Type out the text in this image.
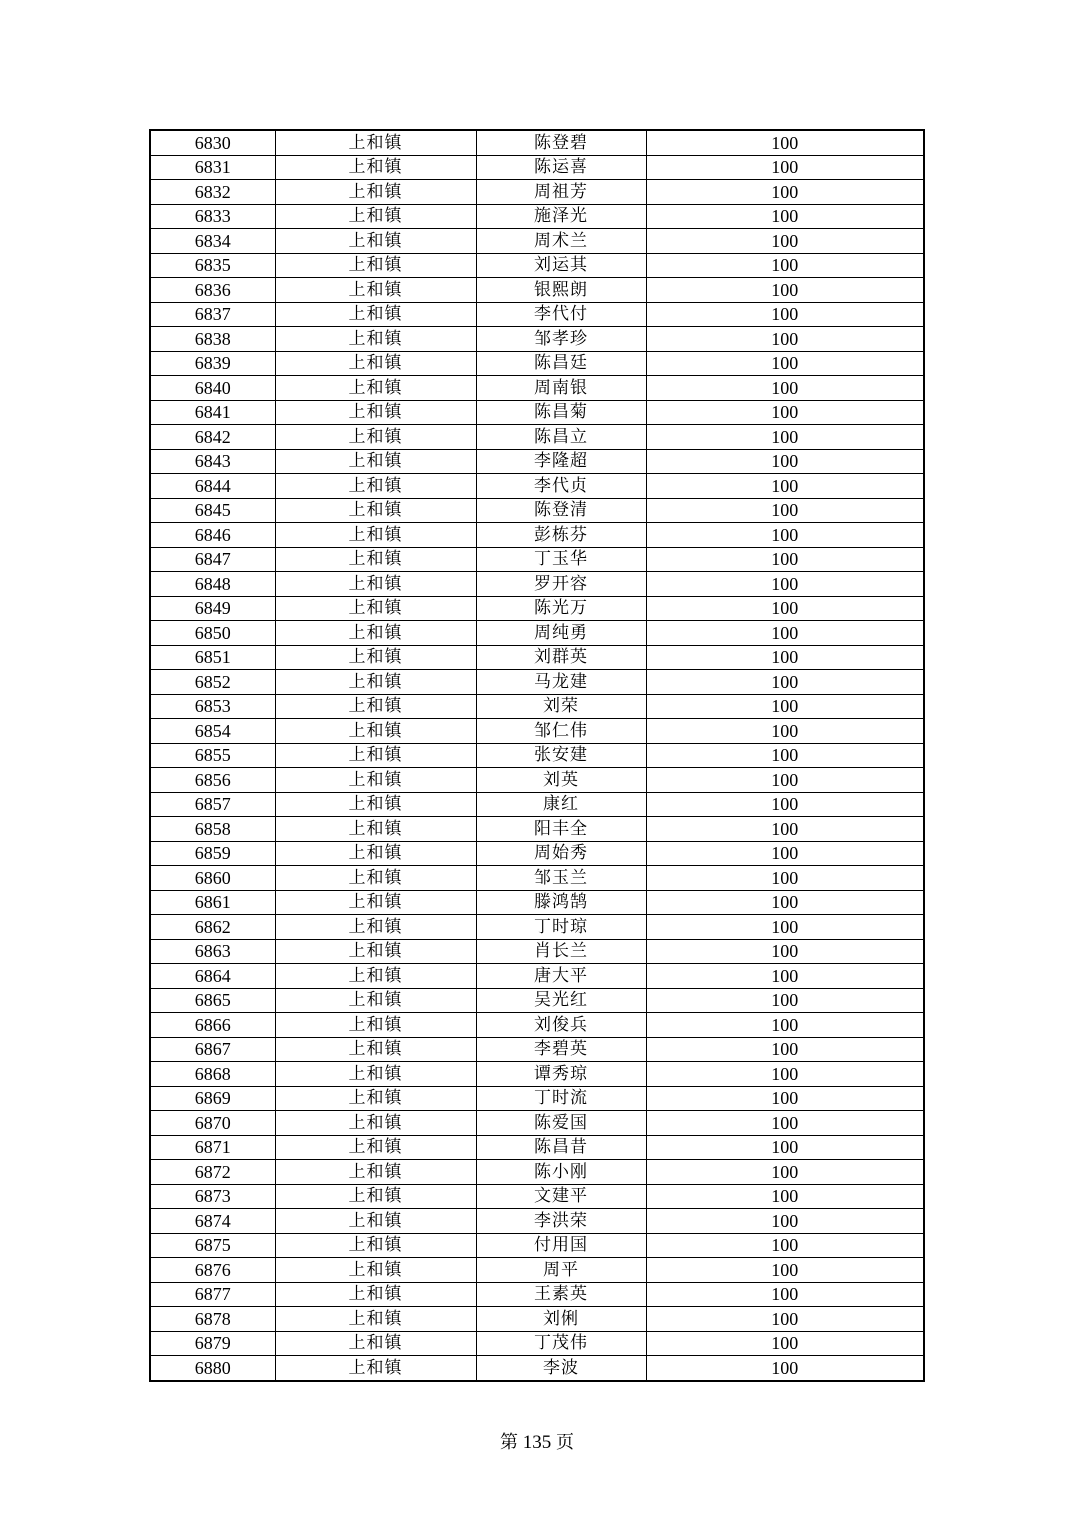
6830	上和镇	陈登碧	100
6831	上和镇	陈运喜	100
6832	上和镇	周祖芳	100
6833	上和镇	施泽光	100
6834	上和镇	周术兰	100
6835	上和镇	刘运其	100
6836	上和镇	银熙朗	100
6837	上和镇	李代付	100
6838	上和镇	邹孝珍	100
6839	上和镇	陈昌廷	100
6840	上和镇	周南银	100
6841	上和镇	陈昌菊	100
6842	上和镇	陈昌立	100
6843	上和镇	李隆超	100
6844	上和镇	李代贞	100
6845	上和镇	陈登清	100
6846	上和镇	彭栋芬	100
6847	上和镇	丁玉华	100
6848	上和镇	罗开容	100
6849	上和镇	陈光万	100
6850	上和镇	周纯勇	100
6851	上和镇	刘群英	100
6852	上和镇	马龙建	100
6853	上和镇	刘荣	100
6854	上和镇	邹仁伟	100
6855	上和镇	张安建	100
6856	上和镇	刘英	100
6857	上和镇	康红	100
6858	上和镇	阳丰全	100
6859	上和镇	周始秀	100
6860	上和镇	邹玉兰	100
6861	上和镇	滕鸿鹄	100
6862	上和镇	丁时琼	100
6863	上和镇	肖长兰	100
6864	上和镇	唐大平	100
6865	上和镇	吴光红	100
6866	上和镇	刘俊兵	100
6867	上和镇	李碧英	100
6868	上和镇	谭秀琼	100
6869	上和镇	丁时流	100
6870	上和镇	陈爱国	100
6871	上和镇	陈昌昔	100
6872	上和镇	陈小刚	100
6873	上和镇	文建平	100
6874	上和镇	李洪荣	100
6875	上和镇	付用国	100
6876	上和镇	周平	100
6877	上和镇	王素英	100
6878	上和镇	刘俐	100
6879	上和镇	丁茂伟	100
6880	上和镇	李波	100
第 135 页
